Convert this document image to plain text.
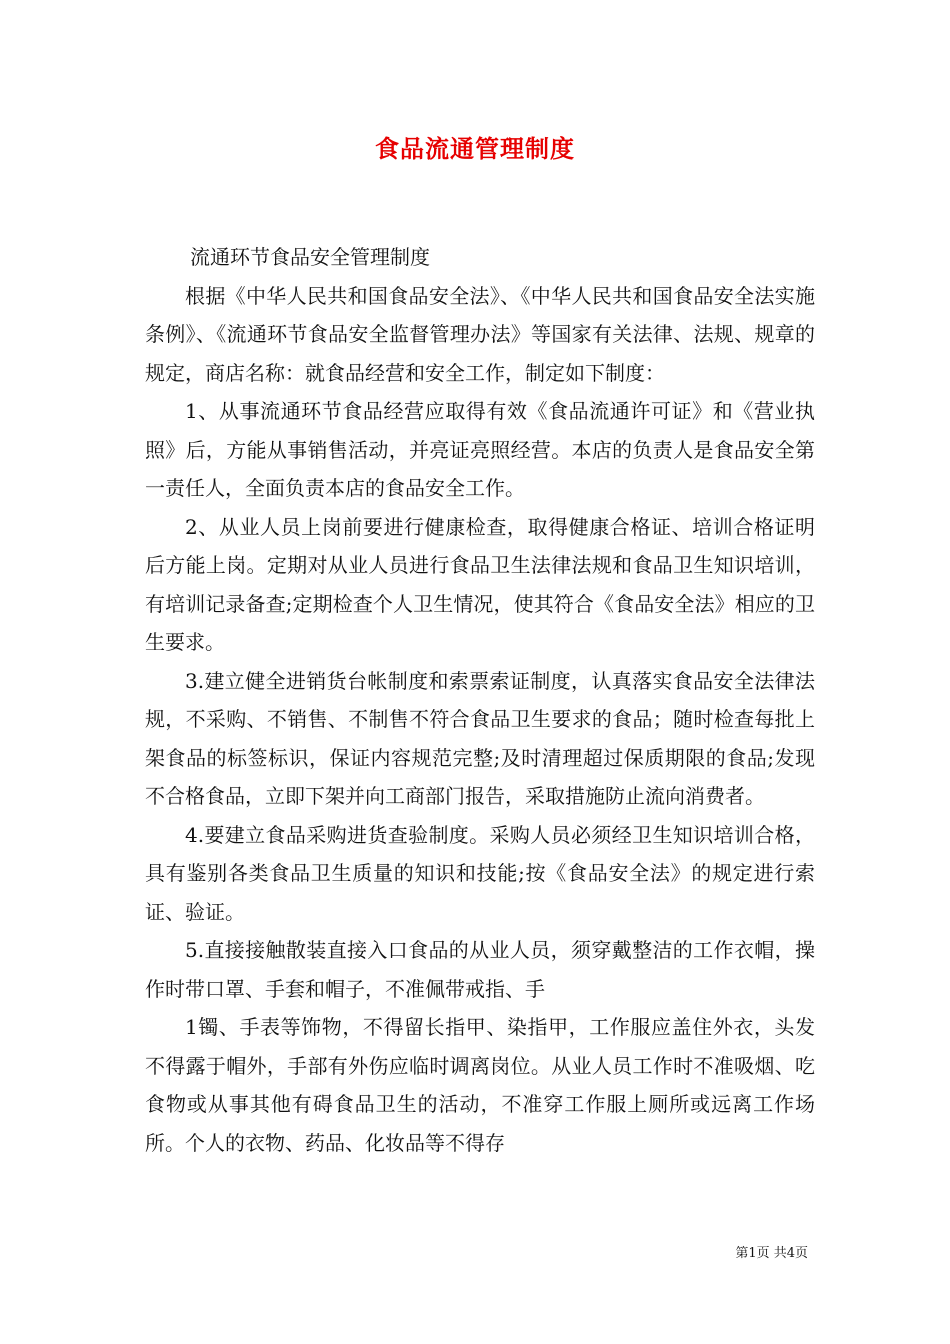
食品流通管理制度

流通环节食品安全管理制度

根据《中华人民共和国食品安全法》、《中华人民共和国食品安全法实施条例》、《流通环节食品安全监督管理办法》等国家有关法律、法规、规章的规定，商店名称：就食品经营和安全工作，制定如下制度：

1、从事流通环节食品经营应取得有效《食品流通许可证》和《营业执照》后，方能从事销售活动，并亮证亮照经营。本店的负责人是食品安全第一责任人，全面负责本店的食品安全工作。

2、从业人员上岗前要进行健康检查，取得健康合格证、培训合格证明后方能上岗。定期对从业人员进行食品卫生法律法规和食品卫生知识培训，有培训记录备查;定期检查个人卫生情况，使其符合《食品安全法》相应的卫生要求。

3.建立健全进销货台帐制度和索票索证制度，认真落实食品安全法律法规，不采购、不销售、不制售不符合食品卫生要求的食品；随时检查每批上架食品的标签标识，保证内容规范完整;及时清理超过保质期限的食品;发现不合格食品，立即下架并向工商部门报告，采取措施防止流向消费者。

4.要建立食品采购进货查验制度。采购人员必须经卫生知识培训合格，具有鉴别各类食品卫生质量的知识和技能;按《食品安全法》的规定进行索证、验证。

5.直接接触散装直接入口食品的从业人员，须穿戴整洁的工作衣帽，操作时带口罩、手套和帽子，不准佩带戒指、手

1镯、手表等饰物，不得留长指甲、染指甲，工作服应盖住外衣，头发不得露于帽外，手部有外伤应临时调离岗位。从业人员工作时不准吸烟、吃食物或从事其他有碍食品卫生的活动，不准穿工作服上厕所或远离工作场所。个人的衣物、药品、化妆品等不得存

第1页 共4页
